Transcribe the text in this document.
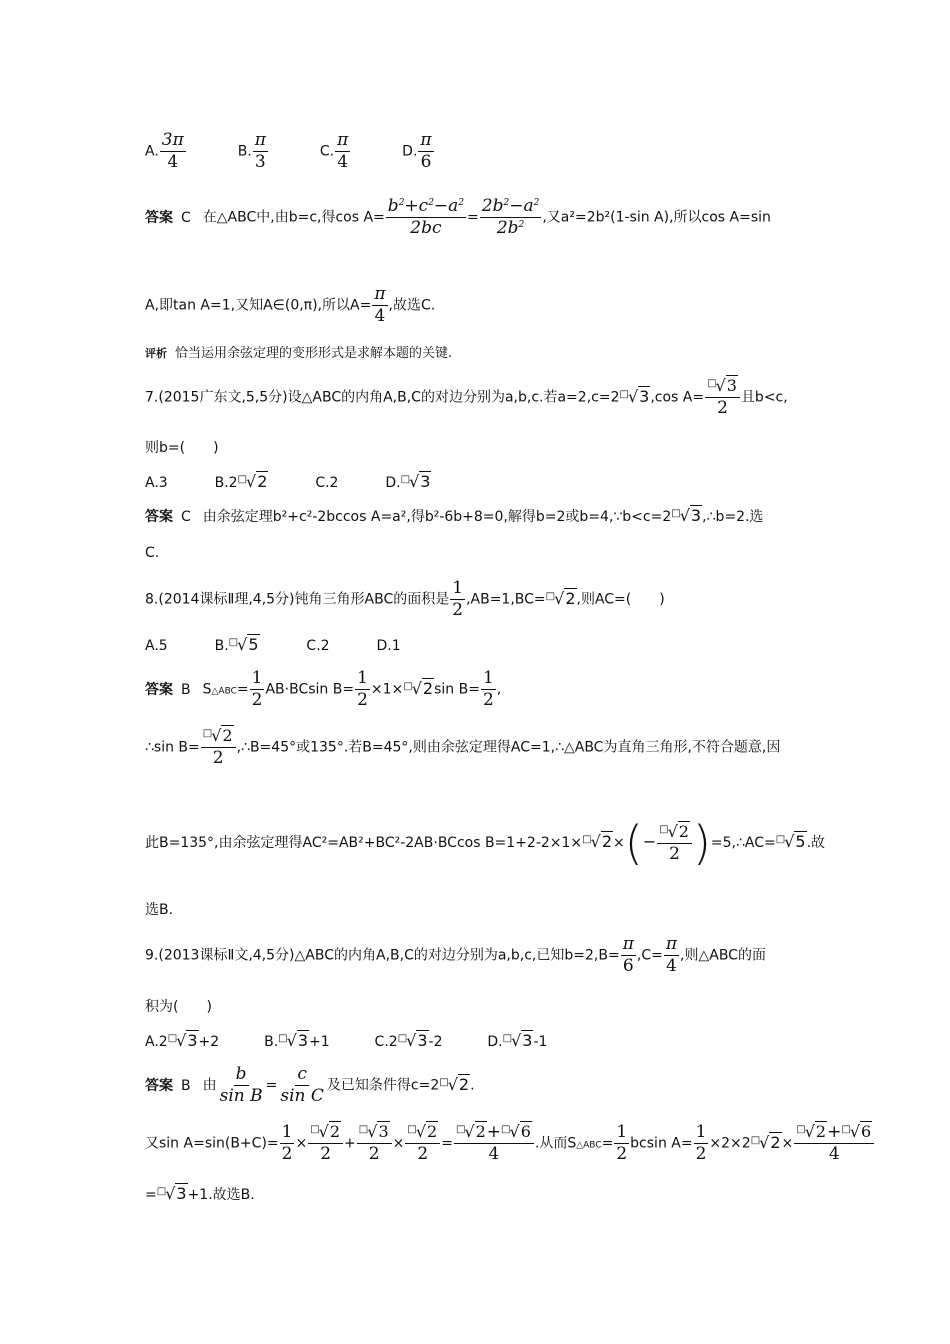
A. $\frac{3\pi}{4}$	B. $\frac{\pi}{3}$	C. $\frac{\pi}{4}$	D. $\frac{\pi}{6}$
答案 C 在△ABC中,由b=c,得$\cos A= \frac{b^2+c^2-a^2}{2bc} = \frac{2b^2-a^2}{2b^2}$ ,又a²=2b²(1-sin A),所以cos A=sin
A,即tan A=1,又知A∈(0,π),所以$A= \frac{\pi}{4}$ ,故选C.
评析 恰当运用余弦定理的变形形式是求解本题的关键.
7.(2015广东文,5,5分)设△ABC的内角A,B,C的对边分别为a,b,c.若a=2,c=2□√3,cos $A= \frac{^□√3}{2}$ 且b<c,
则b=(　　)
A.3	B.2□√2	C.2	D.□√3
答案 C 由余弦定理b²+c²-2bccos A=a²,得b²-6b+8=0,解得b=2或b=4,∵b<c=2□√3,∴b=2.选
C.
8.(2014课标Ⅱ理,4,5分)钝角三角形ABC的面积是 $\frac{1}{2} ,AB=1,BC=^□√2$,则AC=(　　)
A.5	B.□√5	C.2	D.1
答案 B S△ABC= $\frac{1}{2} AB\cdot BCsin$ $B= \frac{1}{2} \times 1\times^□√2\sin$ $B= \frac{1}{2}$ ,
∴sin $B= \frac{^□√2}{2}$ ,∴B=45°或135°.若B=45°,则由余弦定理得AC=1,∴△ABC为直角三角形,不符合题意,因
此B=135°,由余弦定理得AC²=AB²+BC²-2AB·BCcos $B=1+2-2\times 1\times^□√2\times(- \frac{^□√2}{2}$ )=5,∴AC=□√5.故
选B.
9.(2013课标Ⅱ文,4,5分)△ABC的内角A,B,C的对边分别为a,b,c,已知$b=2,B= \frac{\pi}{6} ,C= \frac{\pi}{4}$ ,则△ABC的面
积为(　　)
A.2□√3+2	B.□√3+1	C.2□√3-2	D.□√3-1
答案 B 由 $\frac{b}{\text{sin B}} = \frac{c}{\text{sin C}}$ 及已知条件得c=2□√2.
又$\sin A=\sin(B+C)= \frac{1}{2} \times \frac{^□√2}{2} + \frac{^□√3}{2} \times \frac{^□√2}{2} = \frac{^□√2+^□√6}{4}$ .从而S△ABC= $\frac{1}{2}$ bcsin $A= \frac{1}{2} \times 2\times 2^□√2\times \frac{^□√2+^□√6}{4}$
=□√3+1.故选B.
